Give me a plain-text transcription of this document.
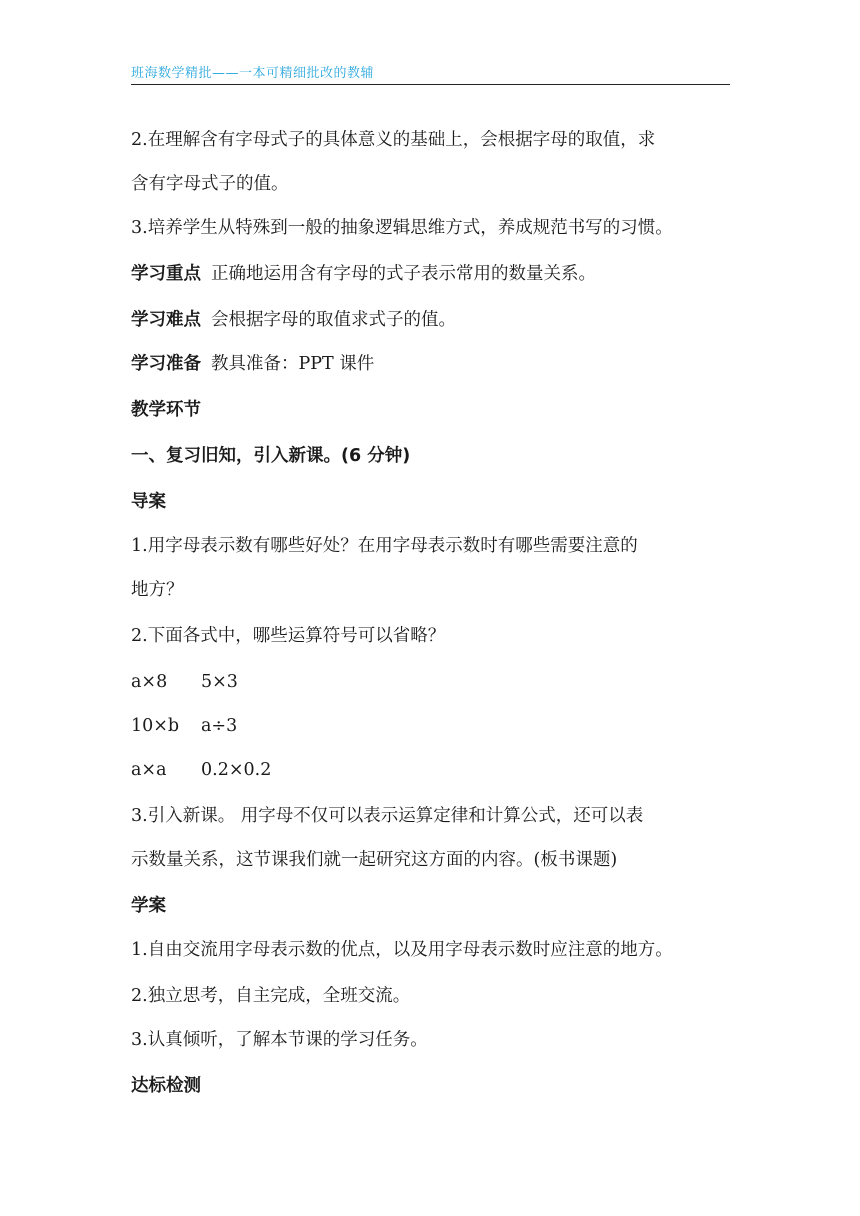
班海数学精批——一本可精细批改的教辅
2.在理解含有字母式子的具体意义的基础上，会根据字母的取值，求
含有字母式子的值。
3.培养学生从特殊到一般的抽象逻辑思维方式，养成规范书写的习惯。
学习重点 正确地运用含有字母的式子表示常用的数量关系。
学习难点 会根据字母的取值求式子的值。
学习准备 教具准备：PPT 课件
教学环节
一、复习旧知，引入新课。(6 分钟)
导案
1.用字母表示数有哪些好处？在用字母表示数时有哪些需要注意的
地方？
2.下面各式中，哪些运算符号可以省略？
a×8 5×3
10×b a÷3
a×a 0.2×0.2
3.引入新课。 用字母不仅可以表示运算定律和计算公式，还可以表
示数量关系，这节课我们就一起研究这方面的内容。(板书课题)
学案
1.自由交流用字母表示数的优点，以及用字母表示数时应注意的地方。
2.独立思考，自主完成，全班交流。
3.认真倾听，了解本节课的学习任务。
达标检测
